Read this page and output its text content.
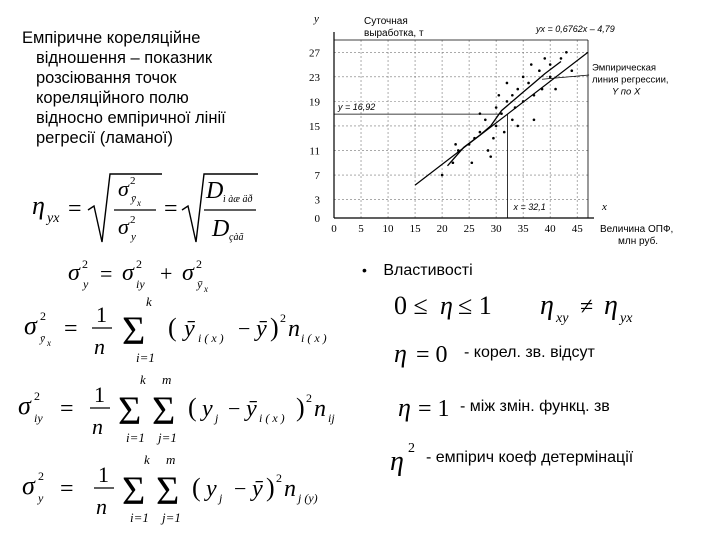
Емпіричне кореляційне
відношення – показник
розсіювання точок
кореляційного полю
відносно емпіричної лінії
регресії (ламаної)
0 5 10 15 20 25 30 35 40 45
0
3
7
11
15
19
23
27
Суточная
выработка, т
y
x
Величина ОПФ,
млн руб.
yx = 0,6762x – 4,79
y = 16,92
x = 32,1
Эмпирическая
линия регрессии,
Y по X
η yx =
σ 2
ȳ x
σ 2
y
=
D ì àæ äð
D çàã
σ 2
y = σ 2
iy + σ 2
ȳ x
σ 2
ȳ x
=
1
n
k
Σ
i=1
( ȳ i ( x ) − ȳ ) 2 n i ( x )
σ 2
iy =
1
n
k
Σ
i=1
m
Σ
j=1
( y j − ȳ i ( x ) ) 2 n ij
σ 2
y =
1
n
k
Σ
i=1
m
Σ
j=1
( y j − ȳ ) 2 n j (y)
• Властивості
0 ≤ η ≤ 1 η xy ≠ η yx
η = 0 - корел. зв. відсут
η = 1 - між змін. функц. зв
η 2
- емпірич коеф детермінації
